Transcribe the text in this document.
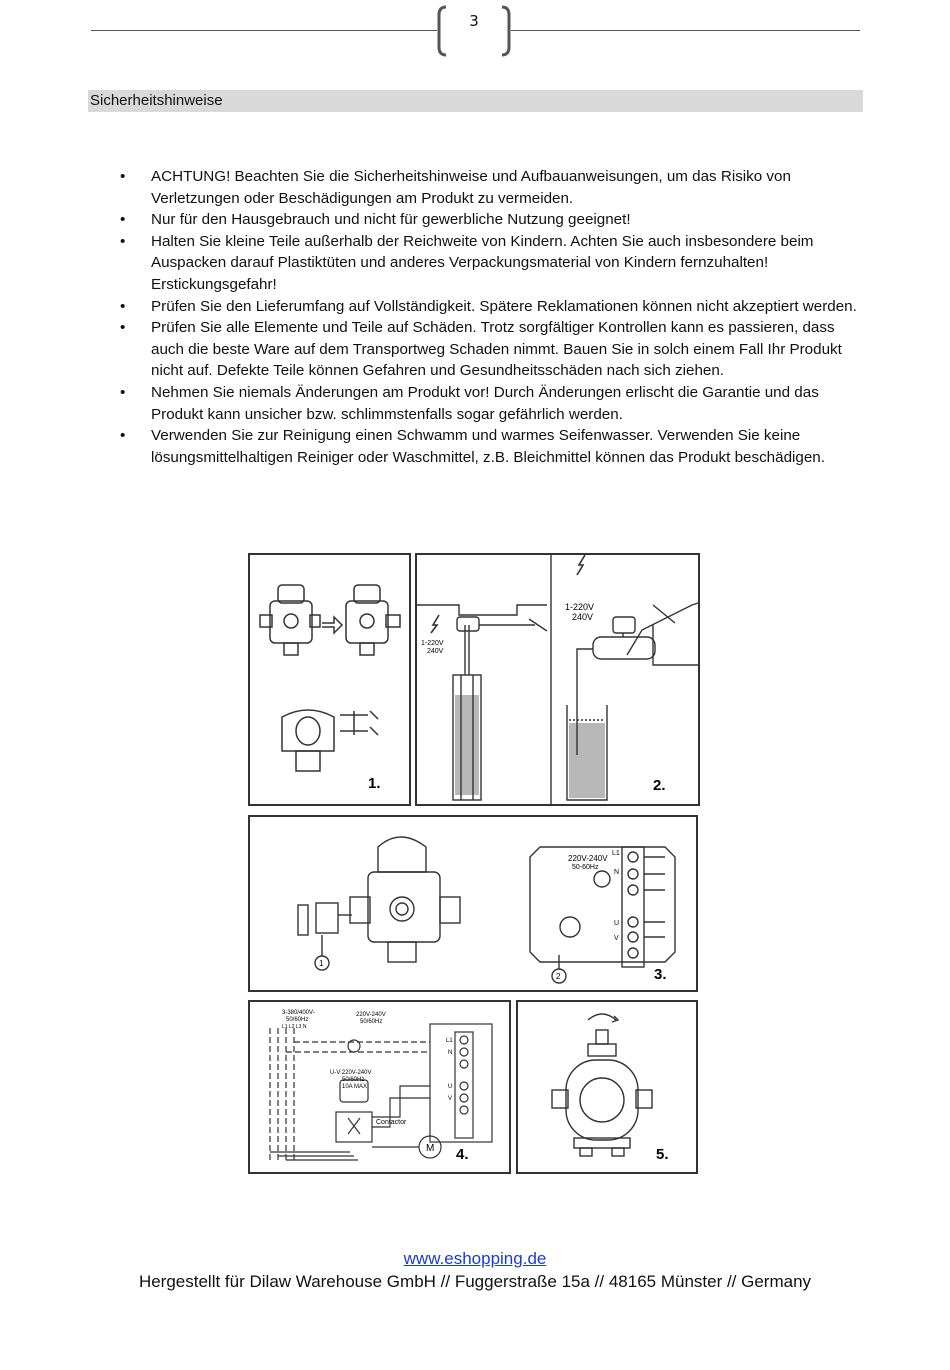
3
Sicherheitshinweise
• ACHTUNG! Beachten Sie die Sicherheitshinweise und Aufbauanweisungen, um das Risiko von Verletzungen oder Beschädigungen am Produkt zu vermeiden.
• Nur für den Hausgebrauch und nicht für gewerbliche Nutzung geeignet!
• Halten Sie kleine Teile außerhalb der Reichweite von Kindern. Achten Sie auch insbesondere beim Auspacken darauf Plastiktüten und anderes Verpackungsmaterial von Kindern fernzuhalten! Erstickungsgefahr!
• Prüfen Sie den Lieferumfang auf Vollständigkeit. Spätere Reklamationen können nicht akzeptiert werden.
• Prüfen Sie alle Elemente und Teile auf Schäden. Trotz sorgfältiger Kontrollen kann es passieren, dass auch die beste Ware auf dem Transportweg Schaden nimmt. Bauen Sie in solch einem Fall Ihr Produkt nicht auf. Defekte Teile können Gefahren und Gesundheitsschäden nach sich ziehen.
• Nehmen Sie niemals Änderungen am Produkt vor! Durch Änderungen erlischt die Garantie und das Produkt kann unsicher bzw. schlimmstenfalls sogar gefährlich werden.
• Verwenden Sie zur Reinigung einen Schwamm und warmes Seifenwasser. Verwenden Sie keine lösungsmittelhaltigen Reiniger oder Waschmittel, z.B. Bleichmittel können das Produkt beschädigen.
1.
1-220V
240V
1-220V
240V
2.
220V-240V
50-60Hz
L1
N
U
V
1
2	3.
3-380/400V-
50/60Hz
L1 L2 L3 N
220V-240V
50/60Hz
U-V:220V-240V
50/60Hz
10A MAX
Contactor
M
L1
N
U
V
4.	5.
www.eshopping.de
Hergestellt für Dilaw Warehouse GmbH // Fuggerstraße 15a // 48165 Münster // Germany
